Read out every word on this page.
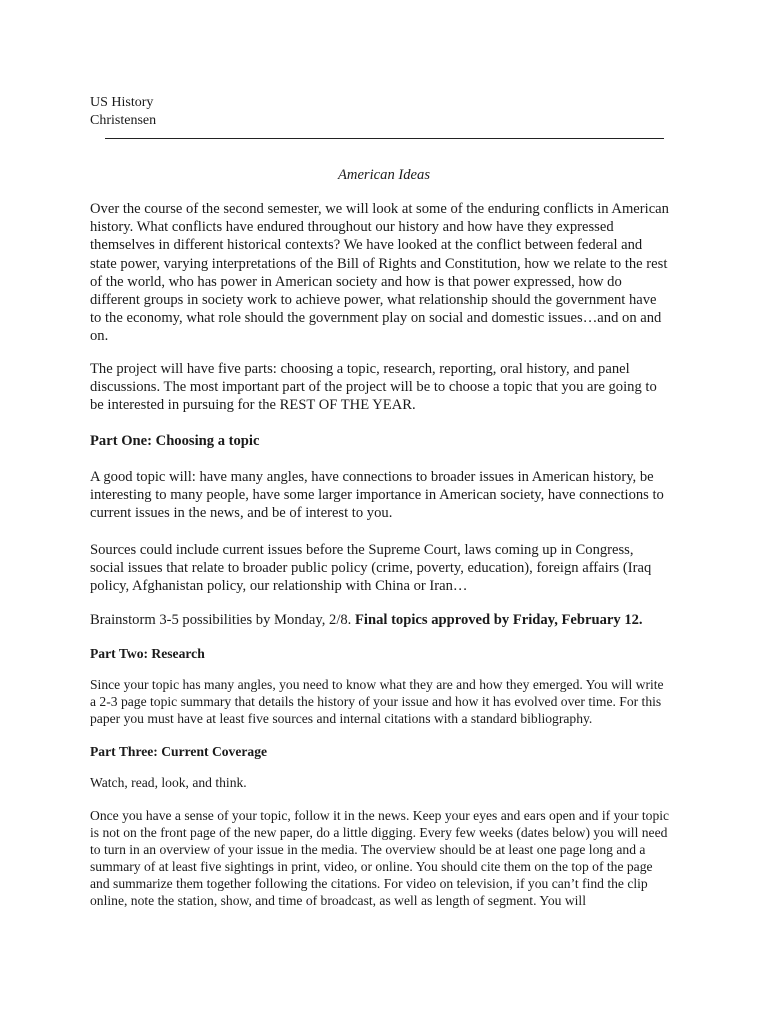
US History
Christensen
American Ideas

Over the course of the second semester, we will look at some of the enduring conflicts in American history. What conflicts have endured throughout our history and how have they expressed themselves in different historical contexts? We have looked at the conflict between federal and state power, varying interpretations of the Bill of Rights and Constitution, how we relate to the rest of the world, who has power in American society and how is that power expressed, how do different groups in society work to achieve power, what relationship should the government have to the economy, what role should the government play on social and domestic issues…and on and on.

The project will have five parts: choosing a topic, research, reporting, oral history, and panel discussions. The most important part of the project will be to choose a topic that you are going to be interested in pursuing for the REST OF THE YEAR.

Part One: Choosing a topic

A good topic will: have many angles, have connections to broader issues in American history, be interesting to many people, have some larger importance in American society, have connections to current issues in the news, and be of interest to you.

Sources could include current issues before the Supreme Court, laws coming up in Congress, social issues that relate to broader public policy (crime, poverty, education), foreign affairs (Iraq policy, Afghanistan policy, our relationship with China or Iran…

Brainstorm 3-5 possibilities by Monday, 2/8. Final topics approved by Friday, February 12.

Part Two: Research

Since your topic has many angles, you need to know what they are and how they emerged. You will write a 2-3 page topic summary that details the history of your issue and how it has evolved over time. For this paper you must have at least five sources and internal citations with a standard bibliography.

Part Three: Current Coverage

Watch, read, look, and think.

Once you have a sense of your topic, follow it in the news. Keep your eyes and ears open and if your topic is not on the front page of the new paper, do a little digging. Every few weeks (dates below) you will need to turn in an overview of your issue in the media. The overview should be at least one page long and a summary of at least five sightings in print, video, or online. You should cite them on the top of the page and summarize them together following the citations. For video on television, if you can’t find the clip online, note the station, show, and time of broadcast, as well as length of segment. You will
